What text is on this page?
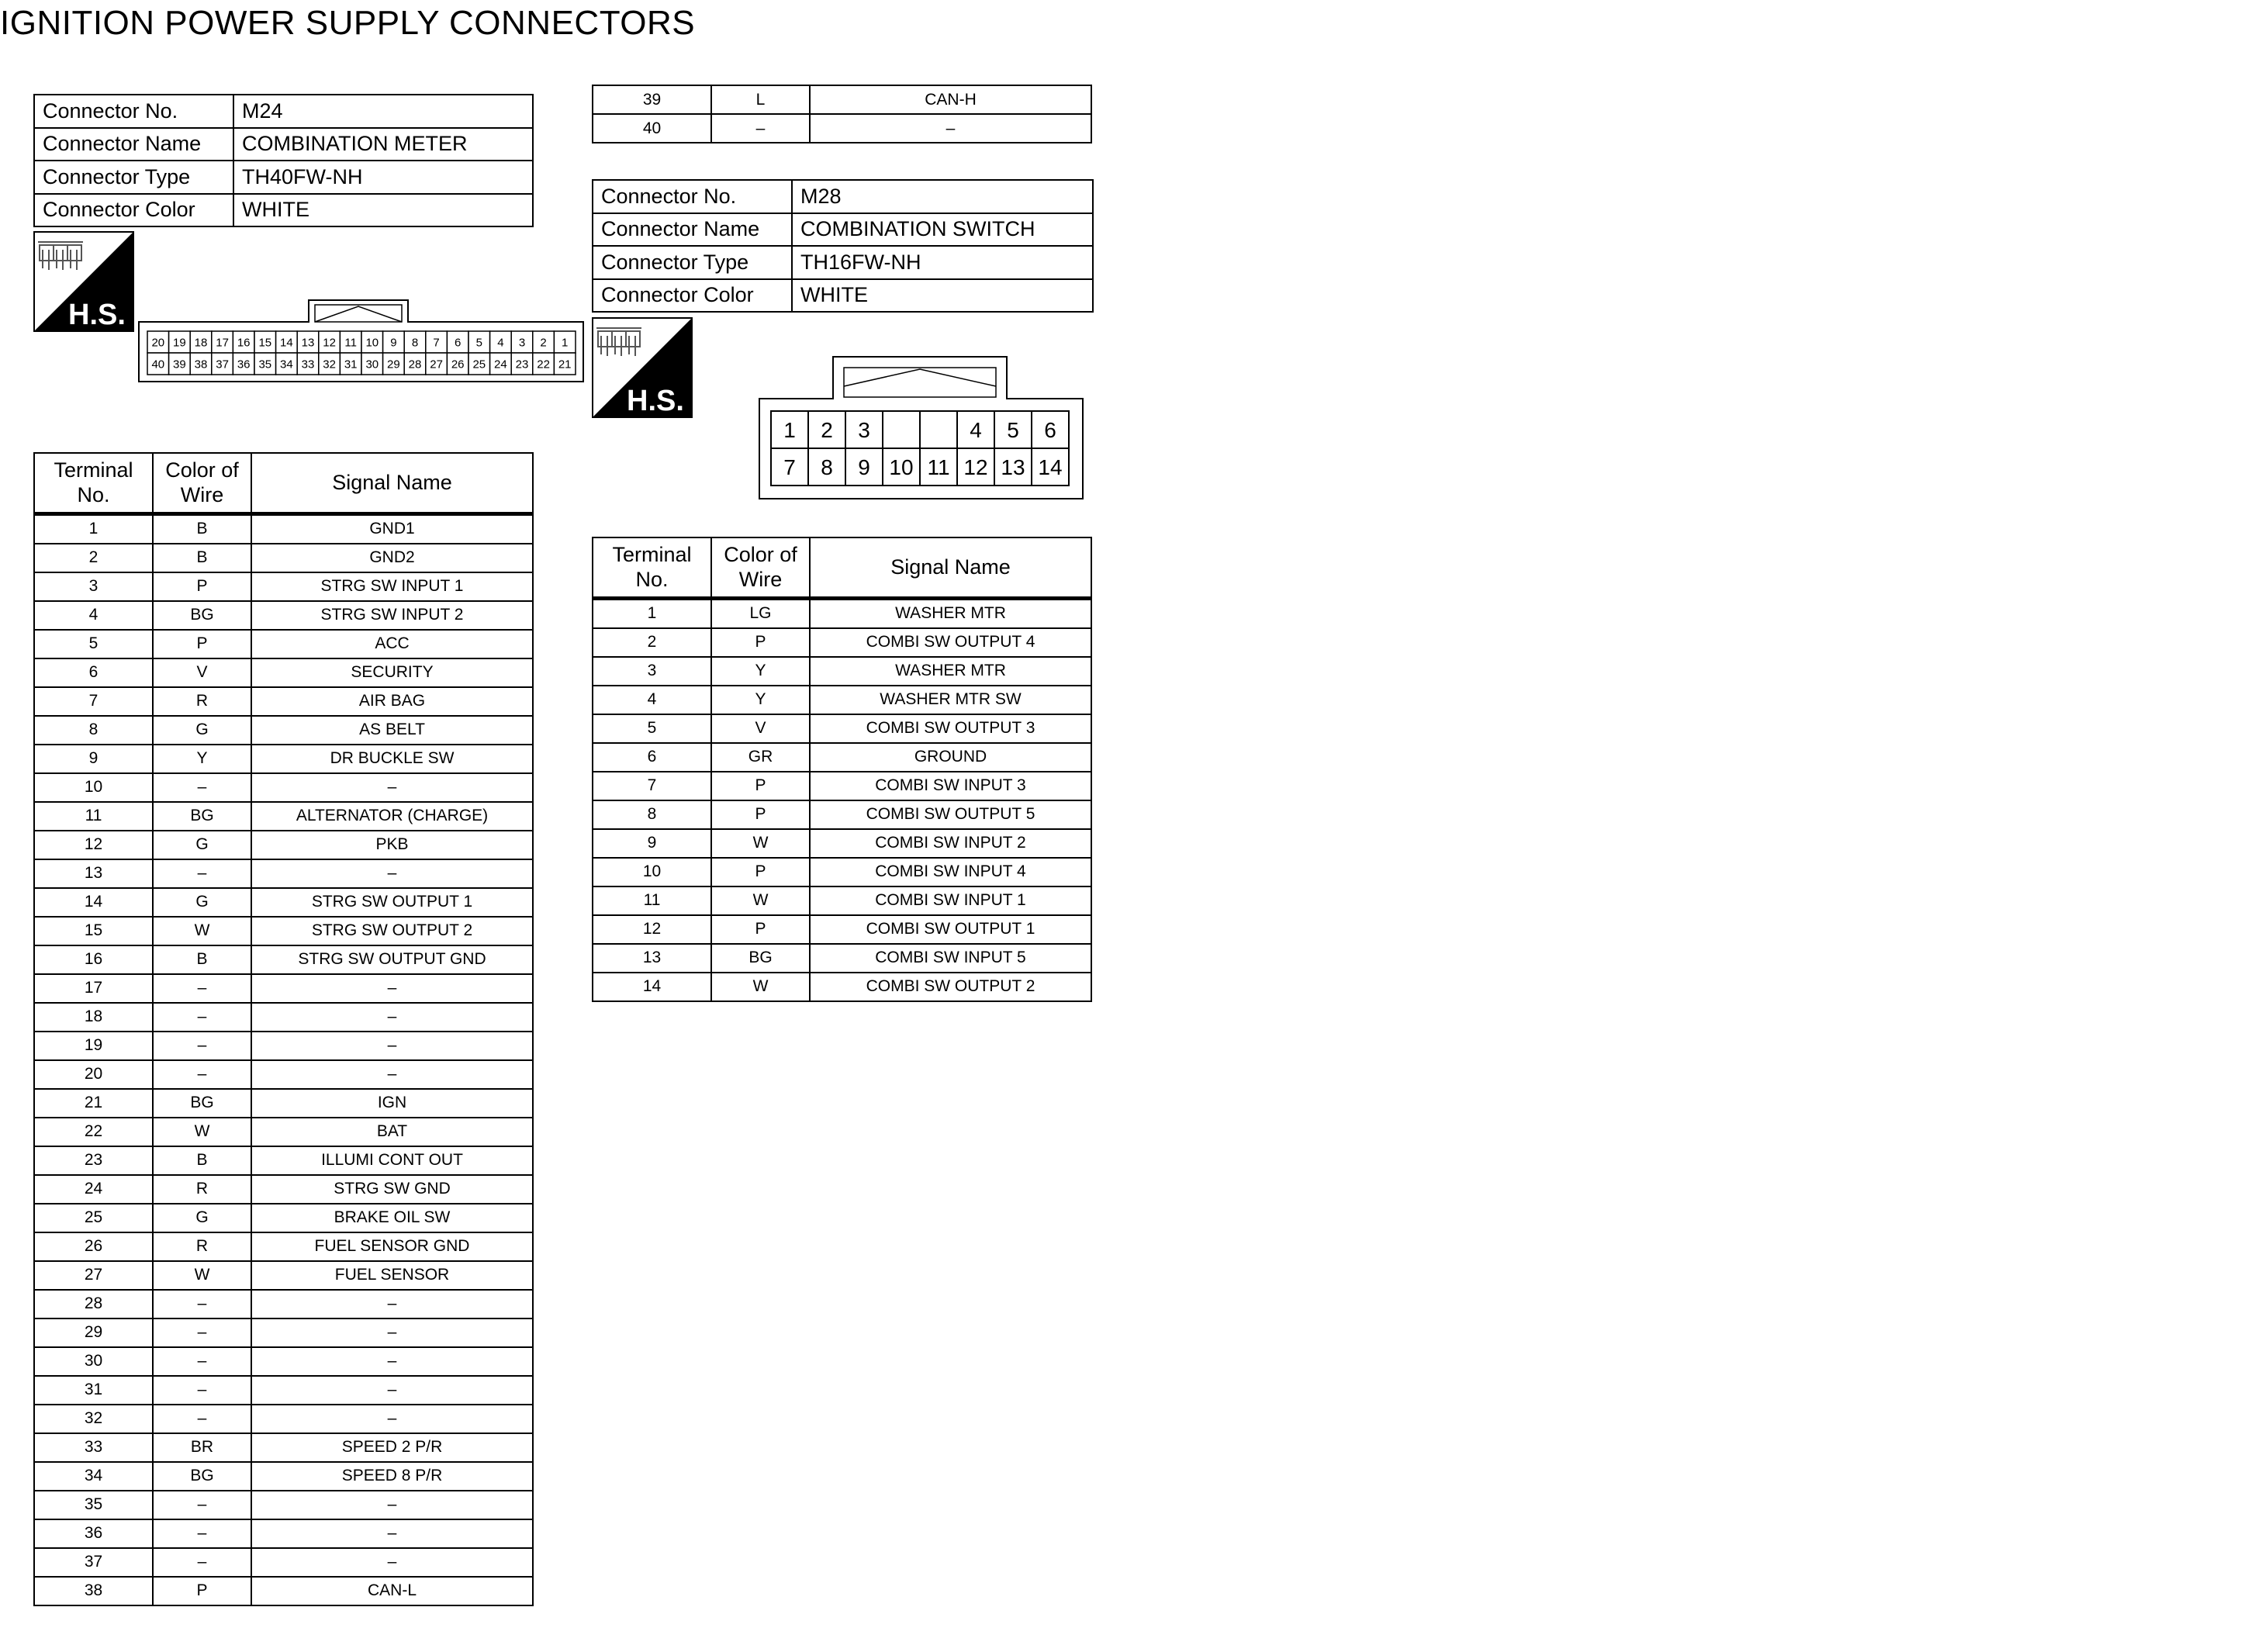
IGNITION POWER SUPPLY CONNECTORS
Connector No.	M24
Connector Name	COMBINATION METER
Connector Type	TH40FW-NH
Connector Color	WHITE
H.S.
20 19 18 17 16 15 14 13 12 11 10 9 8 7 6 5 4 3 2 1
40 39 38 37 36 35 34 33 32 31 30 29 28 27 26 25 24 23 22 21
Terminal No.	Color of Wire	Signal Name
1	B	GND1
2	B	GND2
3	P	STRG SW INPUT 1
4	BG	STRG SW INPUT 2
5	P	ACC
6	V	SECURITY
7	R	AIR BAG
8	G	AS BELT
9	Y	DR BUCKLE SW
10	–	–
11	BG	ALTERNATOR (CHARGE)
12	G	PKB
13	–	–
14	G	STRG SW OUTPUT 1
15	W	STRG SW OUTPUT 2
16	B	STRG SW OUTPUT GND
17	–	–
18	–	–
19	–	–
20	–	–
21	BG	IGN
22	W	BAT
23	B	ILLUMI CONT OUT
24	R	STRG SW GND
25	G	BRAKE OIL SW
26	R	FUEL SENSOR GND
27	W	FUEL SENSOR
28	–	–
29	–	–
30	–	–
31	–	–
32	–	–
33	BR	SPEED 2 P/R
34	BG	SPEED 8 P/R
35	–	–
36	–	–
37	–	–
38	P	CAN-L
39	L	CAN-H
40	–	–
Connector No.	M28
Connector Name	COMBINATION SWITCH
Connector Type	TH16FW-NH
Connector Color	WHITE
H.S.
1 2 3	4 5 6
7 8 9 10 11 12 13 14
Terminal No.	Color of Wire	Signal Name
1	LG	WASHER MTR
2	P	COMBI SW OUTPUT 4
3	Y	WASHER MTR
4	Y	WASHER MTR SW
5	V	COMBI SW OUTPUT 3
6	GR	GROUND
7	P	COMBI SW INPUT 3
8	P	COMBI SW OUTPUT 5
9	W	COMBI SW INPUT 2
10	P	COMBI SW INPUT 4
11	W	COMBI SW INPUT 1
12	P	COMBI SW OUTPUT 1
13	BG	COMBI SW INPUT 5
14	W	COMBI SW OUTPUT 2
